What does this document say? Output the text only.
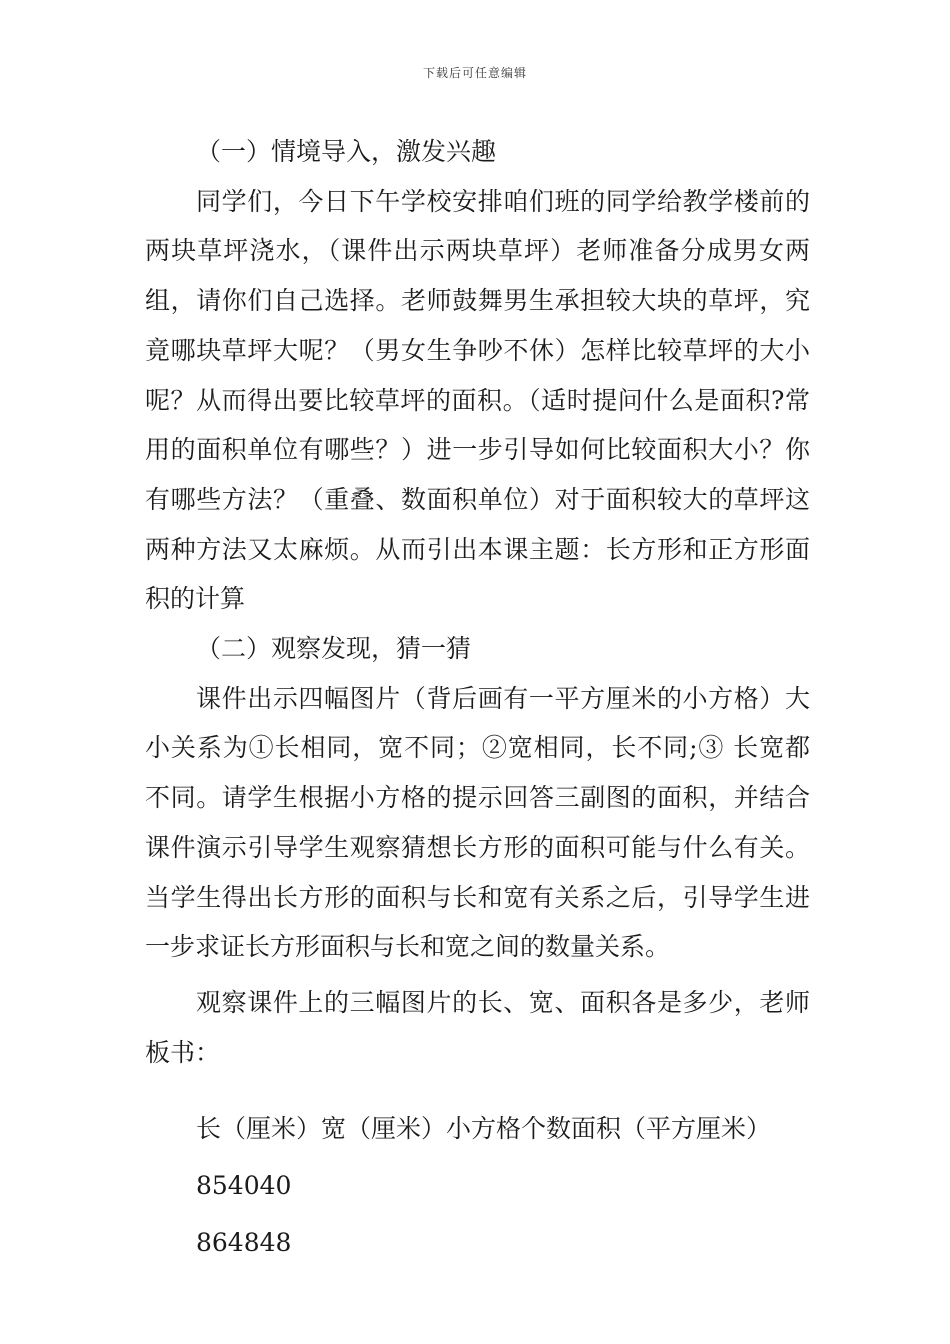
下载后可任意编辑

（一）情境导入，激发兴趣

同学们，今日下午学校安排咱们班的同学给教学楼前的两块草坪浇水，（课件出示两块草坪）老师准备分成男女两组，请你们自己选择。老师鼓舞男生承担较大块的草坪，究竟哪块草坪大呢？（男女生争吵不休）怎样比较草坪的大小呢？从而得出要比较草坪的面积。（适时提问什么是面积?常用的面积单位有哪些？）进一步引导如何比较面积大小？你有哪些方法？（重叠、数面积单位）对于面积较大的草坪这两种方法又太麻烦。从而引出本课主题：长方形和正方形面积的计算

（二）观察发现，猜一猜

课件出示四幅图片（背后画有一平方厘米的小方格）大小关系为①长相同，宽不同；②宽相同，长不同;③ 长宽都不同。请学生根据小方格的提示回答三副图的面积，并结合课件演示引导学生观察猜想长方形的面积可能与什么有关。当学生得出长方形的面积与长和宽有关系之后，引导学生进一步求证长方形面积与长和宽之间的数量关系。

观察课件上的三幅图片的长、宽、面积各是多少，老师板书：

长（厘米）宽（厘米）小方格个数面积（平方厘米）

854040

864848
